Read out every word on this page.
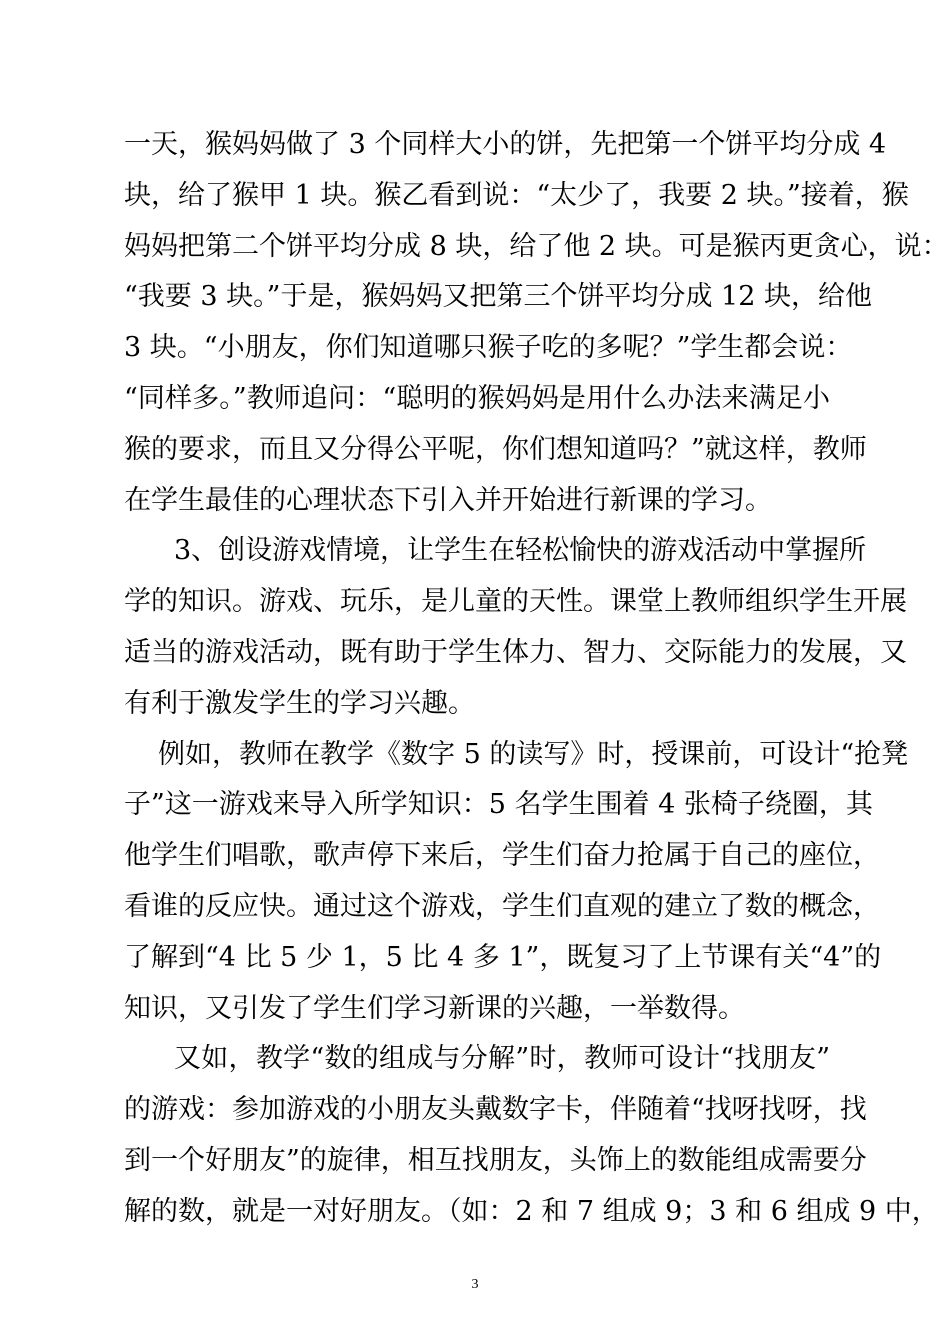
一天，猴妈妈做了 3 个同样大小的饼，先把第一个饼平均分成 4
块，给了猴甲 1 块。猴乙看到说：“太少了，我要 2 块。”接着，猴
妈妈把第二个饼平均分成 8 块，给了他 2 块。可是猴丙更贪心，说：
“我要 3 块。”于是，猴妈妈又把第三个饼平均分成 12 块，给他
3 块。“小朋友，你们知道哪只猴子吃的多呢？”学生都会说：
“同样多。”教师追问：“聪明的猴妈妈是用什么办法来满足小
猴的要求，而且又分得公平呢，你们想知道吗？”就这样，教师
在学生最佳的心理状态下引入并开始进行新课的学习。
3、创设游戏情境，让学生在轻松愉快的游戏活动中掌握所
学的知识。游戏、玩乐，是儿童的天性。课堂上教师组织学生开展
适当的游戏活动，既有助于学生体力、智力、交际能力的发展，又
有利于激发学生的学习兴趣。
例如，教师在教学《数字 5 的读写》时，授课前，可设计“抢凳
子”这一游戏来导入所学知识：5 名学生围着 4 张椅子绕圈，其
他学生们唱歌，歌声停下来后，学生们奋力抢属于自己的座位，
看谁的反应快。通过这个游戏，学生们直观的建立了数的概念，
了解到“4 比 5 少 1，5 比 4 多 1”，既复习了上节课有关“4”的
知识，又引发了学生们学习新课的兴趣，一举数得。
又如，教学“数的组成与分解”时，教师可设计“找朋友”
的游戏：参加游戏的小朋友头戴数字卡，伴随着“找呀找呀，找
到一个好朋友”的旋律，相互找朋友，头饰上的数能组成需要分
解的数，就是一对好朋友。（如：2 和 7 组成 9；3 和 6 组成 9 中，
3
